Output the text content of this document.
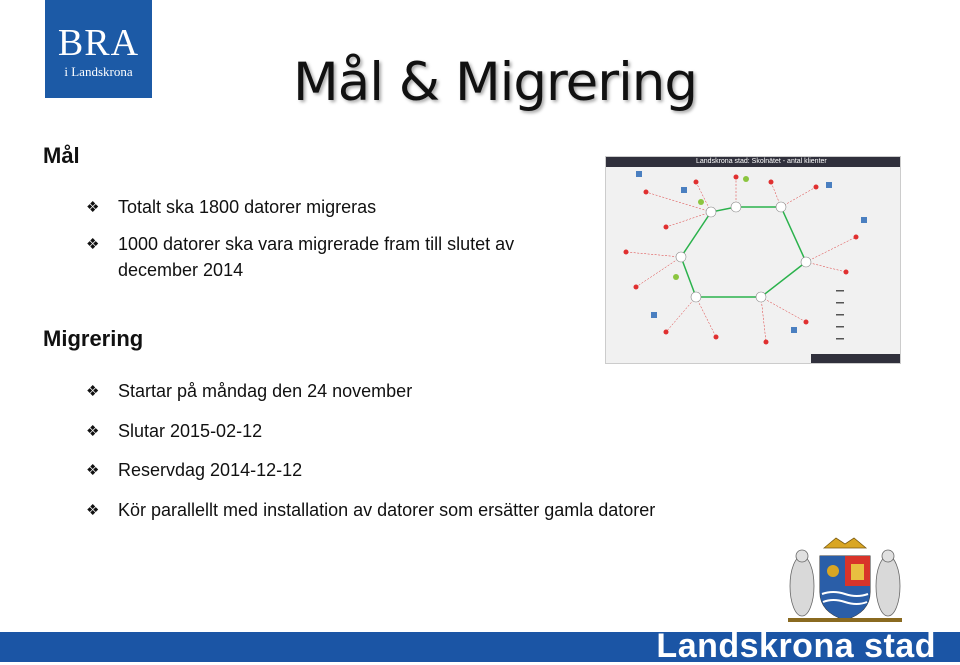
BRA
i Landskrona	Mål & Migrering
Mål
❖	Totalt ska 1800 datorer migreras
❖	1000 datorer ska vara migrerade fram till slutet av december 2014
Migrering
❖	Startar på måndag den 24 november
❖	Slutar 2015-02-12
❖	Reservdag 2014-12-12
❖	Kör parallellt med installation av datorer som ersätter gamla datorer
Landskrona stad: Skolnätet - antal klienter
Landskrona stad
